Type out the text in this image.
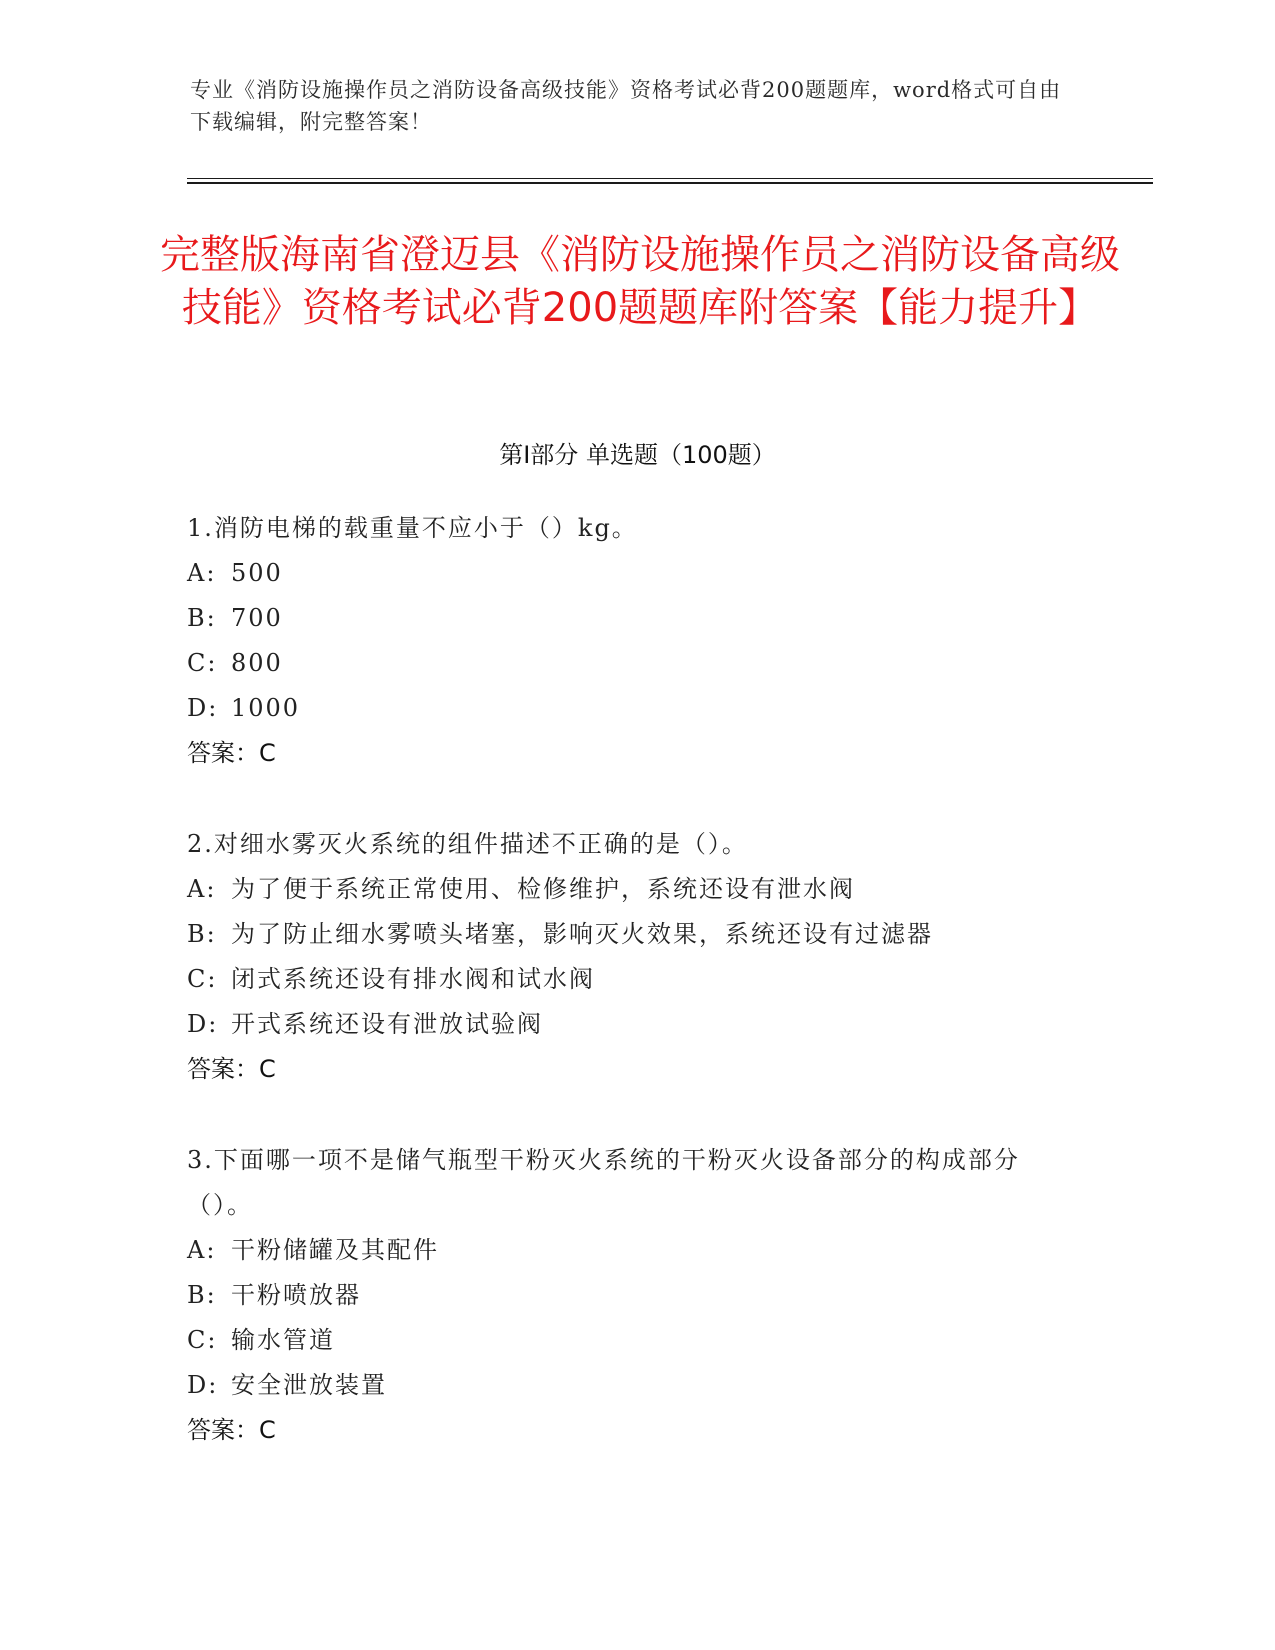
专业《消防设施操作员之消防设备高级技能》资格考试必背200题题库，word格式可自由下载编辑，附完整答案！
完整版海南省澄迈县《消防设施操作员之消防设备高级技能》资格考试必背200题题库附答案【能力提升】
第I部分 单选题（100题）
1.消防电梯的载重量不应小于（）kg。
A: 500
B: 700
C: 800
D: 1000
答案：C
2.对细水雾灭火系统的组件描述不正确的是（）。
A: 为了便于系统正常使用、检修维护，系统还设有泄水阀
B: 为了防止细水雾喷头堵塞，影响灭火效果，系统还设有过滤器
C: 闭式系统还设有排水阀和试水阀
D: 开式系统还设有泄放试验阀
答案：C
3.下面哪一项不是储气瓶型干粉灭火系统的干粉灭火设备部分的构成部分（）。
A: 干粉储罐及其配件
B: 干粉喷放器
C: 输水管道
D: 安全泄放装置
答案：C
